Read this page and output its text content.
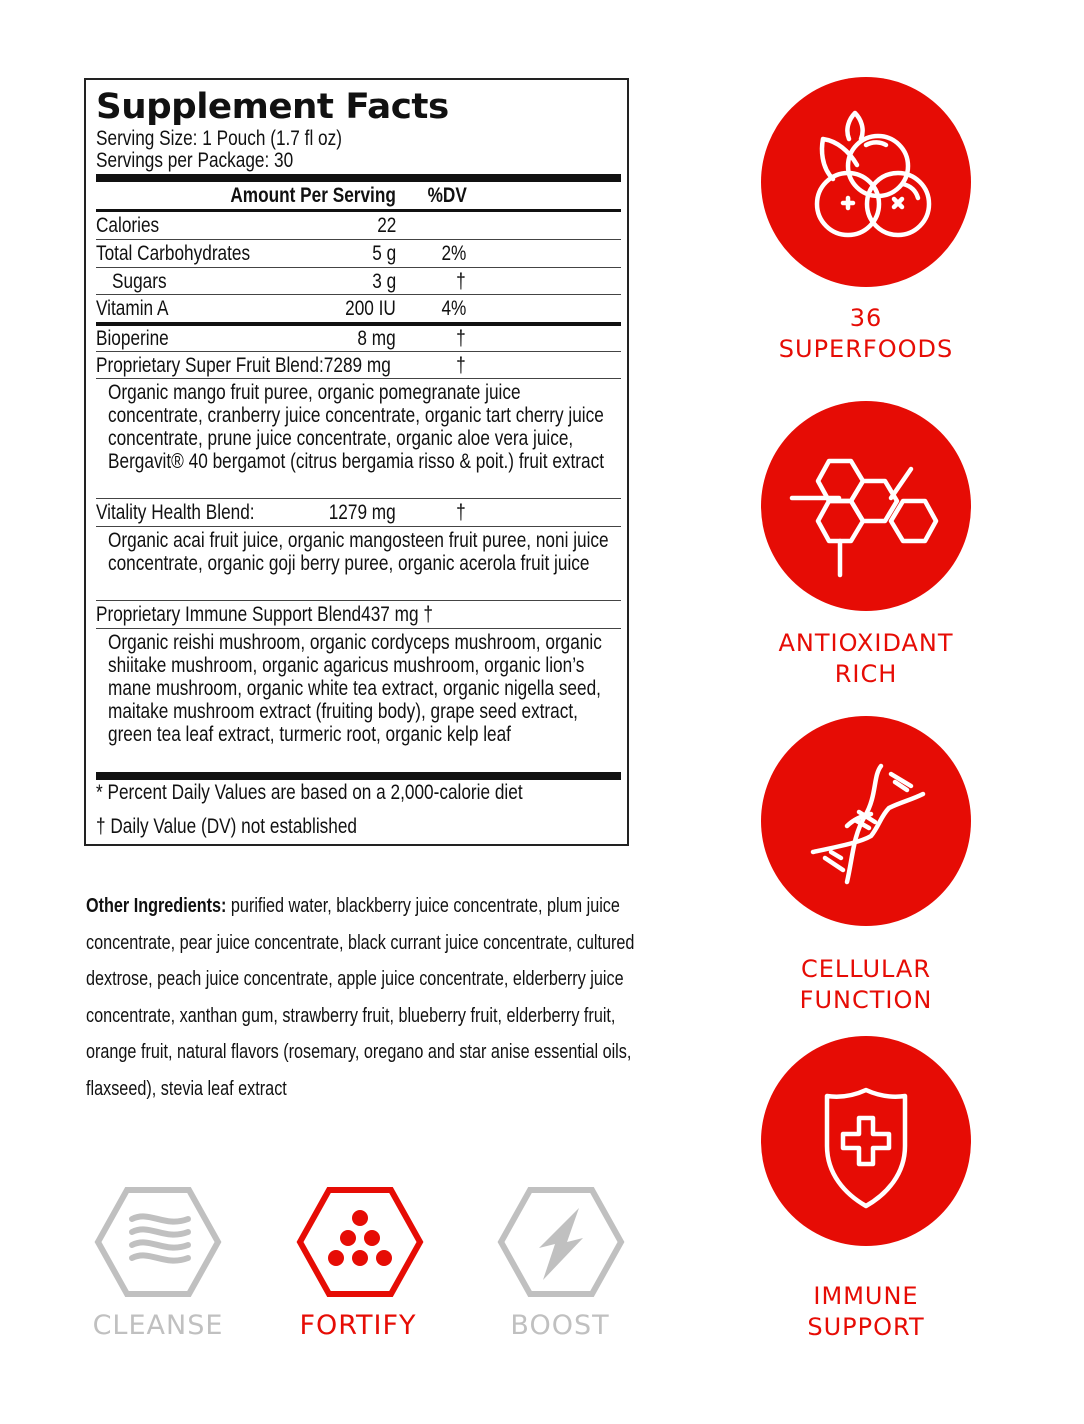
Supplement Facts
Serving Size: 1 Pouch (1.7 fl oz)
Servings per Package: 30
Amount Per Serving	%DV
Calories	22
Total Carbohydrates	5 g 2%
Sugars	3 g	†
Vitamin A	200 IU 4%
Bioperine	8 mg	†
Proprietary Super Fruit Blend:7289 mg	†
Organic mango fruit puree, organic pomegranate juice concentrate, cranberry juice concentrate, organic tart cherry juice concentrate, prune juice concentrate, organic aloe vera juice, Bergavit® 40 bergamot (citrus bergamia risso & poit.) fruit extract
Vitality Health Blend:	1279 mg	†
Organic acai fruit juice, organic mangosteen fruit puree, noni juice concentrate, organic goji berry puree, organic acerola fruit juice
Proprietary Immune Support Blend437 mg †
Organic reishi mushroom, organic cordyceps mushroom, organic shiitake mushroom, organic agaricus mushroom, organic lion’s mane mushroom, organic white tea extract, organic nigella seed, maitake mushroom extract (fruiting body), grape seed extract, green tea leaf extract, turmeric root, organic kelp leaf
* Percent Daily Values are based on a 2,000-calorie diet
† Daily Value (DV) not established
Other Ingredients: purified water, blackberry juice concentrate, plum juice concentrate, pear juice concentrate, black currant juice concentrate, cultured dextrose, peach juice concentrate, apple juice concentrate, elderberry juice concentrate, xanthan gum, strawberry fruit, blueberry fruit, elderberry fruit, orange fruit, natural flavors (rosemary, oregano and star anise essential oils, flaxseed), stevia leaf extract
CLEANSE	FORTIFY	BOOST
36
SUPERFOODS
ANTIOXIDANT
RICH
CELLULAR
FUNCTION
IMMUNE
SUPPORT
